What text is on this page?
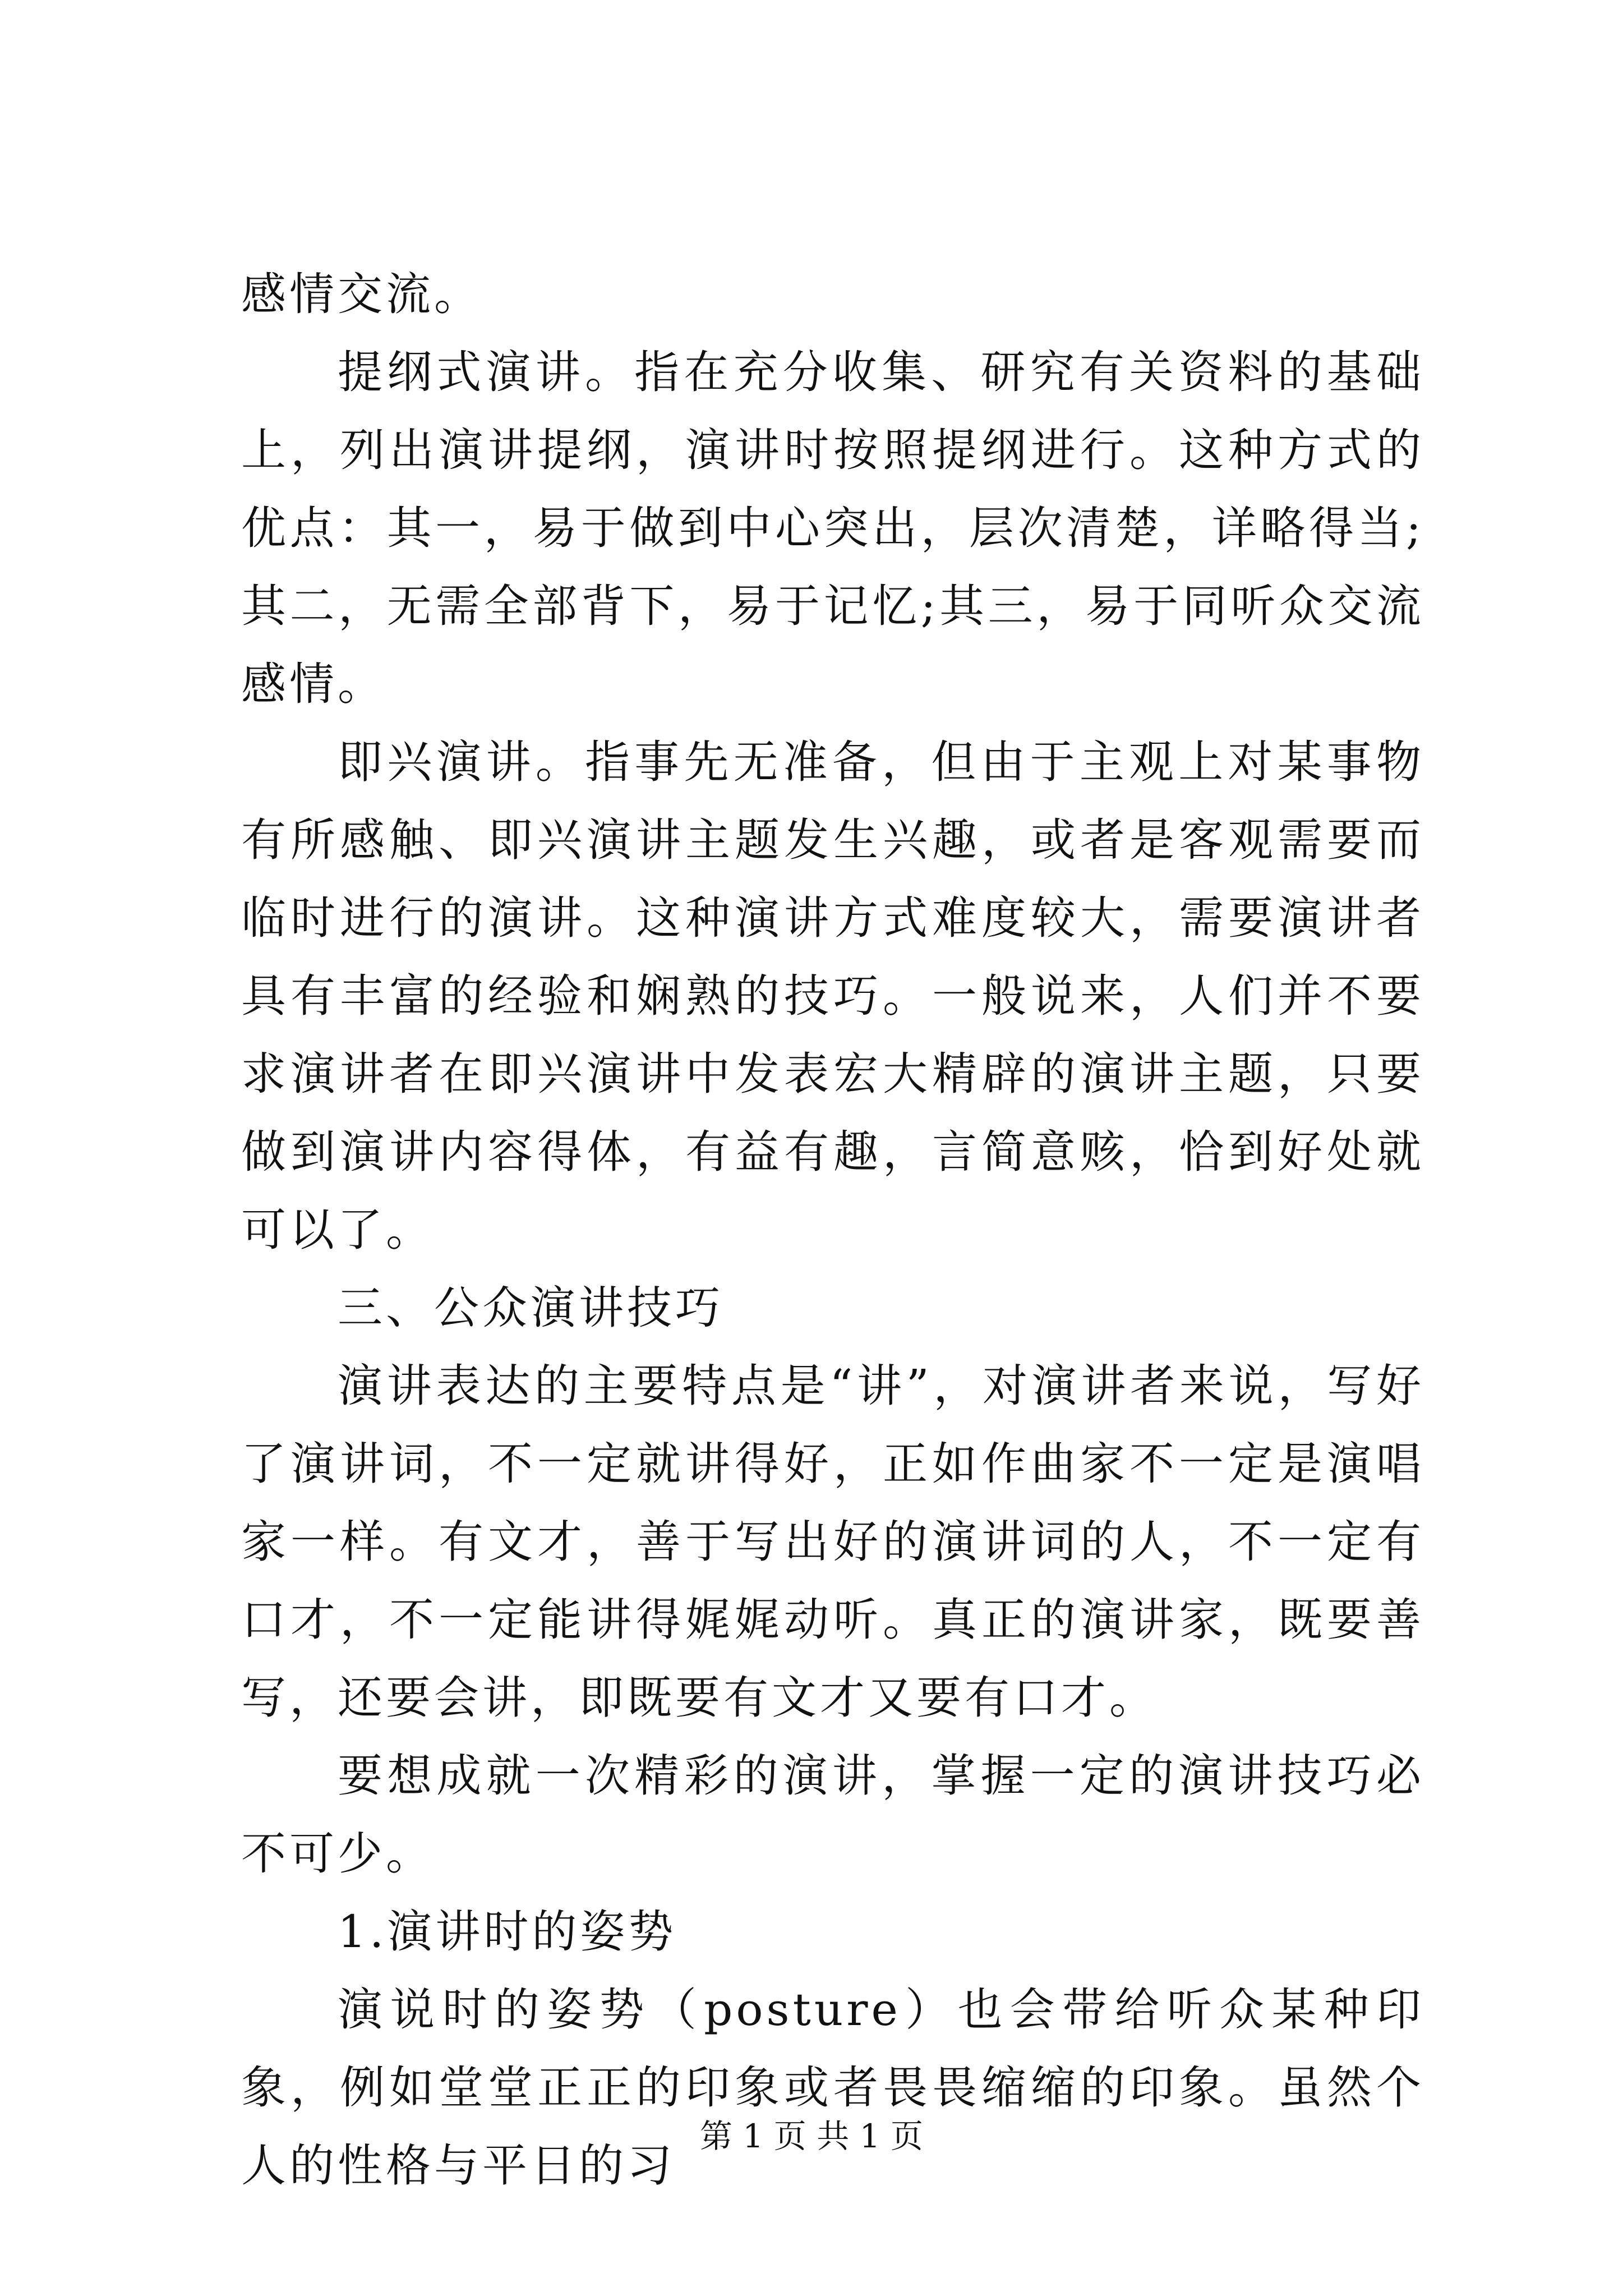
感情交流。

提纲式演讲。指在充分收集、研究有关资料的基础上，列出演讲提纲，演讲时按照提纲进行。这种方式的优点：其一，易于做到中心突出，层次清楚，详略得当;其二，无需全部背下，易于记忆;其三，易于同听众交流感情。

即兴演讲。指事先无准备，但由于主观上对某事物有所感触、即兴演讲主题发生兴趣，或者是客观需要而临时进行的演讲。这种演讲方式难度较大，需要演讲者具有丰富的经验和娴熟的技巧。一般说来，人们并不要求演讲者在即兴演讲中发表宏大精辟的演讲主题，只要做到演讲内容得体，有益有趣，言简意赅，恰到好处就可以了。

三、公众演讲技巧

演讲表达的主要特点是“讲”，对演讲者来说，写好了演讲词，不一定就讲得好，正如作曲家不一定是演唱家一样。有文才，善于写出好的演讲词的人，不一定有口才，不一定能讲得娓娓动听。真正的演讲家，既要善写，还要会讲，即既要有文才又要有口才。

要想成就一次精彩的演讲，掌握一定的演讲技巧必不可少。

1.演讲时的姿势

演说时的姿势（posture）也会带给听众某种印象，例如堂堂正正的印象或者畏畏缩缩的印象。虽然个人的性格与平日的习

第 1 页 共 1 页
